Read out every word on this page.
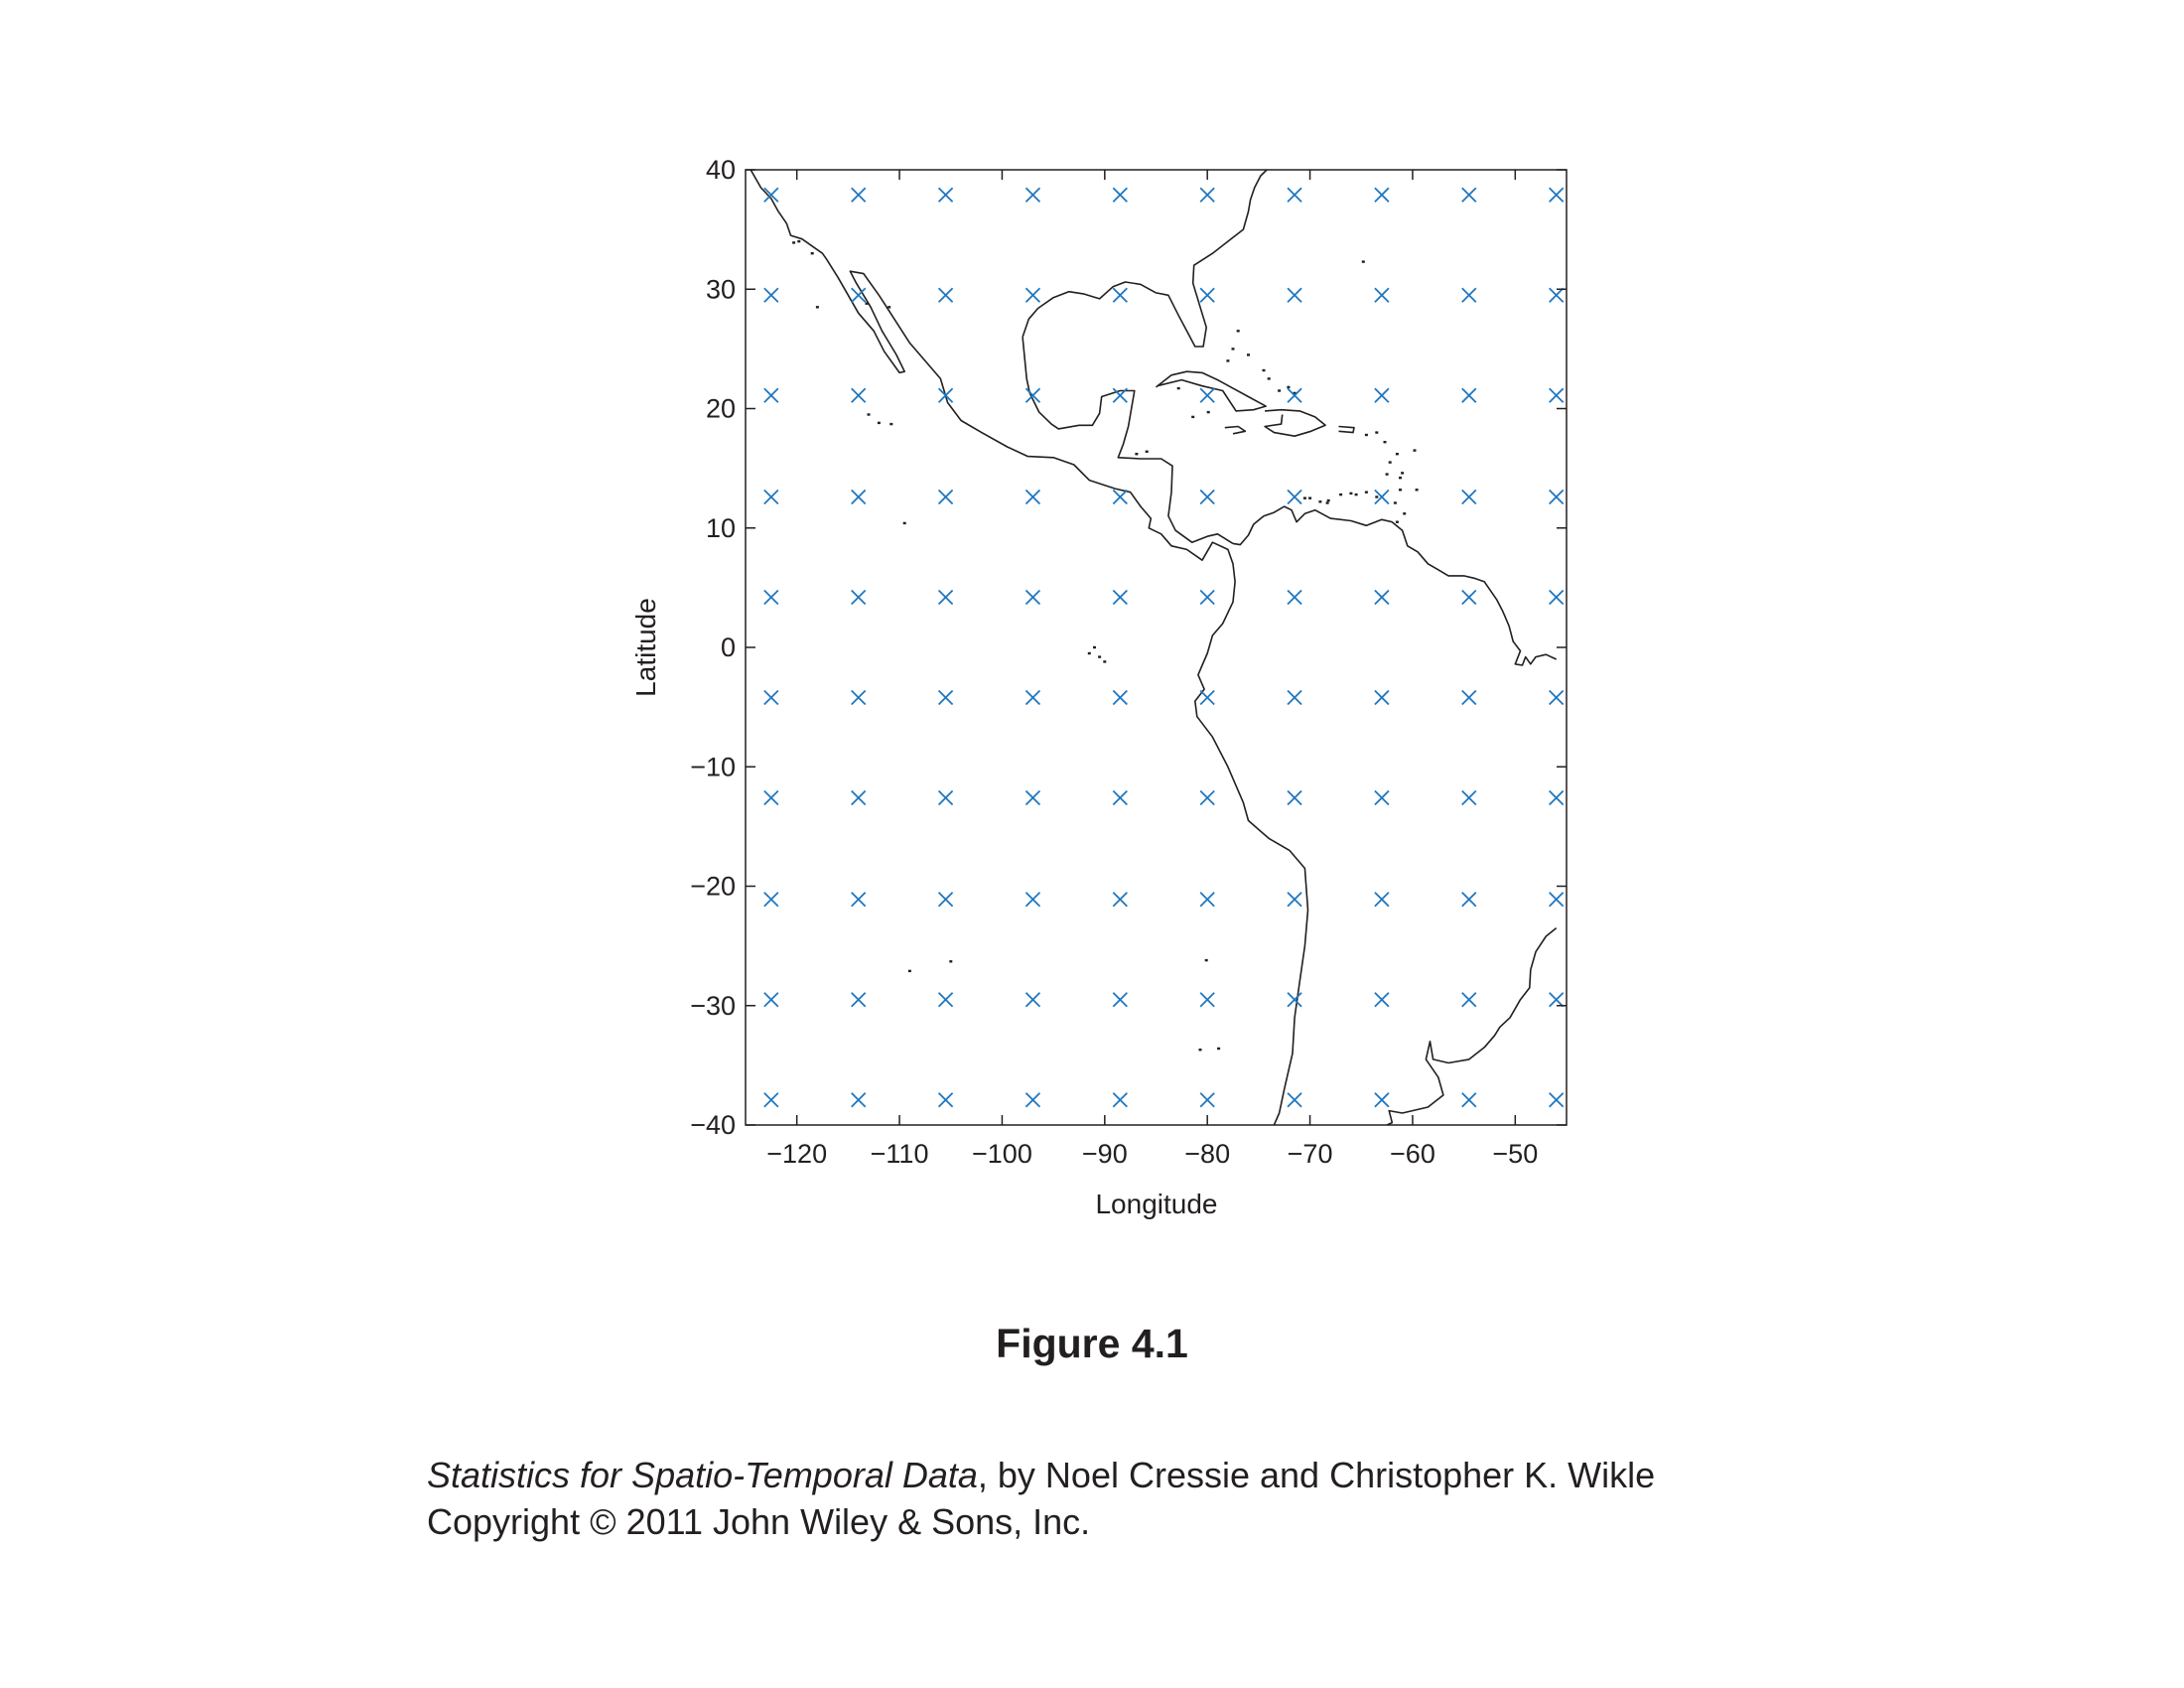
−120 −110 −100 −90 −80 −70 −60 −50
−40
−30
−20
−10
0
10
20
30
40
Longitude
Latitude
Figure 4.1
Statistics for Spatio-Temporal Data, by Noel Cressie and Christopher K. Wikle
Copyright © 2011 John Wiley & Sons, Inc.
